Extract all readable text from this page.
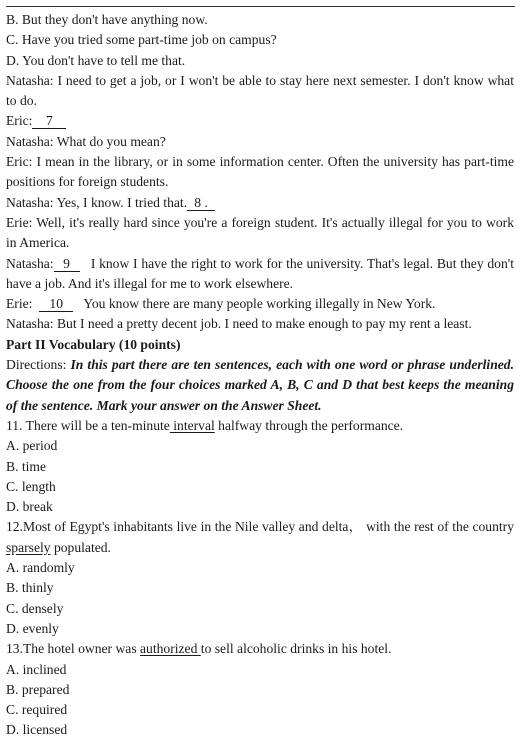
B. But they don't have anything now.
C. Have you tried some part-time job on campus?
D. You don't have to tell me that.
Natasha: I need to get a job, or I won't be able to stay here next semester. I don't know what to do.
Eric: 7
Natasha: What do you mean?
Eric: I mean in the library, or in some information center. Often the university has part-time positions for foreign students.
Natasha: Yes, I know. I tried that. 8 .
Erie: Well, it's really hard since you're a foreign student. It's actually illegal for you to work in America.
Natasha: 9 I know I have the right to work for the university. That's legal. But they don't have a job. And it's illegal for me to work elsewhere.
Erie: 10 You know there are many people working illegally in New York.
Natasha: But I need a pretty decent job. I need to make enough to pay my rent a least.
Part II Vocabulary (10 points)
Directions: In this part there are ten sentences, each with one word or phrase underlined. Choose the one from the four choices marked A, B, C and D that best keeps the meaning of the sentence. Mark your answer on the Answer Sheet.
11. There will be a ten-minute interval halfway through the performance.
A. period
B. time
C. length
D. break
12.Most of Egypt's inhabitants live in the Nile valley and delta， with the rest of the country sparsely populated.
A. randomly
B. thinly
C. densely
D. evenly
13.The hotel owner was authorized to sell alcoholic drinks in his hotel.
A. inclined
B. prepared
C. required
D. licensed
